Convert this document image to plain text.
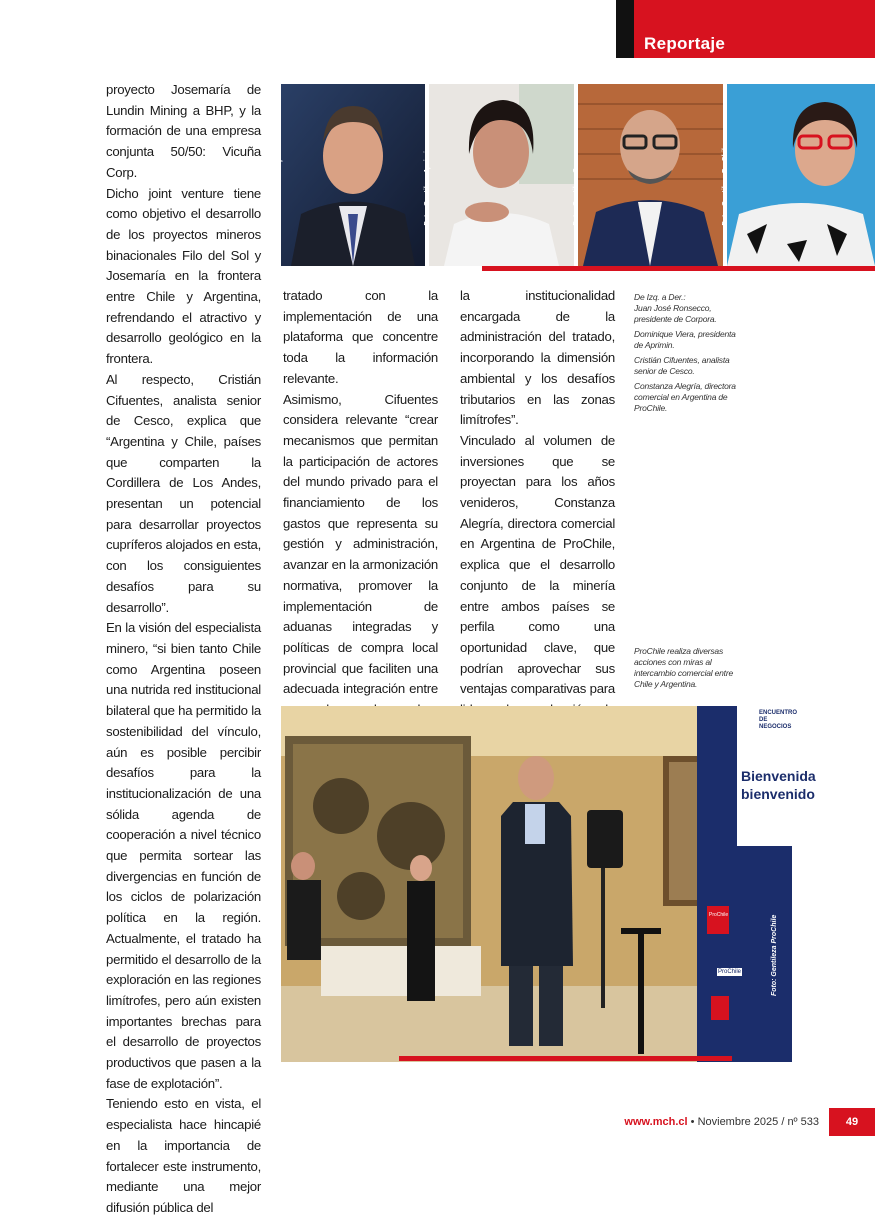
Reportaje
Foto: Gentileza Corpora	Foto: Gentileza Aprimin	Foto: Gentileza Cesco	Foto: Gentileza ProChile

proyecto Josemaría de Lundin Mining a BHP, y la formación de una empresa conjunta 50/50: Vicuña Corp.

Dicho joint venture tiene como objetivo el desarrollo de los proyectos mineros binacionales Filo del Sol y Josemaría en la frontera entre Chile y Argentina, refrendando el atractivo y desarrollo geológico en la frontera.

Al respecto, Cristián Cifuentes, analista senior de Cesco, explica que “Argentina y Chile, países que comparten la Cordillera de Los Andes, presentan un potencial para desarrollar proyectos cupríferos alojados en esta, con los consiguientes desafíos para su desarrollo”.

En la visión del especialista minero, “si bien tanto Chile como Argentina poseen una nutrida red institucional bilateral que ha permitido la sostenibilidad del vínculo, aún es posible percibir desafíos para la institucionalización de una sólida agenda de cooperación a nivel técnico que permita sortear las divergencias en función de los ciclos de polarización política en la región. Actualmente, el tratado ha permitido el desarrollo de la exploración en las regiones limítrofes, pero aún existen importantes brechas para el desarrollo de proyectos productivos que pasen a la fase de explotación”.

Teniendo esto en vista, el especialista hace hincapié en la importancia de fortalecer este instrumento, mediante una mejor difusión pública del

tratado con la implementación de una plataforma que concentre toda la información relevante.

Asimismo, Cifuentes considera relevante “crear mecanismos que permitan la participación de actores del mundo privado para el financiamiento de los gastos que representa su gestión y administración, avanzar en la armonización normativa, promover la implementación de aduanas integradas y políticas de compra local provincial que faciliten una adecuada integración entre

la institucionalidad encargada de la administración del tratado, incorporando la dimensión ambiental y los desafíos tributarios en las zonas limítrofes”.

Vinculado al volumen de inversiones que se proyectan para los años venideros, Constanza Alegría, directora comercial en Argentina de ProChile, explica que el desarrollo conjunto de la minería entre ambos países se perfila como una oportunidad clave, que podrían aprovechar sus ventajas comparativas para

De Izq. a Der.:

Juan José Ronsecco, presidente de Corpora.

Dominique Viera, presidenta de Aprimin.

Cristián Cifuentes, analista senior de Cesco.

Constanza Alegría, directora comercial en Argentina de ProChile.

ProChile realiza diversas acciones con miras al intercambio comercial entre Chile y Argentina.

ENCUENTRO DE NEGOCIOS
Bienvenida
bienvenido
ProChile
ProChile	Foto: Gentileza ProChile
www.mch.cl • Noviembre 2025 / nº 533	49
